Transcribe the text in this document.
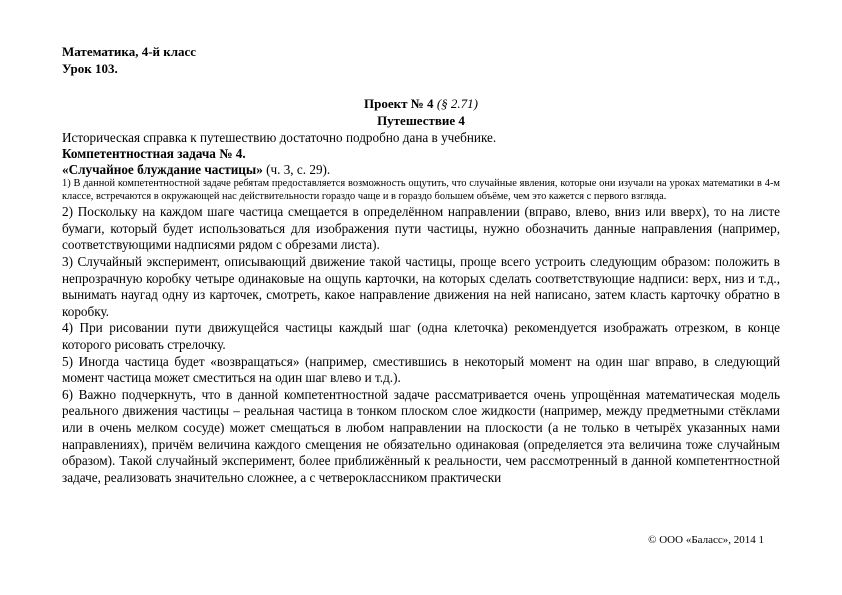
Математика, 4-й класс
Урок 103.
Проект № 4 (§ 2.71)
Путешествие 4

Историческая справка к путешествию достаточно подробно дана в учебнике.

Компетентностная задача № 4.

«Случайное блуждание частицы» (ч. 3, с. 29).

1) В данной компетентностной задаче ребятам предоставляется возможность ощутить, что случайные явления, которые они изучали на уроках математики в 4-м классе, встречаются в окружающей нас действительности гораздо чаще и в гораздо большем объёме, чем это кажется с первого взгляда.

2) Поскольку на каждом шаге частица смещается в определённом направлении (вправо, влево, вниз или вверх), то на листе бумаги, который будет использоваться для изображения пути частицы, нужно обозначить данные направления (например, соответствующими надписями рядом с обрезами листа).

3) Случайный эксперимент, описывающий движение такой частицы, проще всего устроить следующим образом: положить в непрозрачную коробку четыре одинаковые на ощупь карточки, на которых сделать соответствующие надписи: верх, низ и т.д., вынимать наугад одну из карточек, смотреть, какое направление движения на ней написано, затем класть карточку обратно в коробку.

4) При рисовании пути движущейся частицы каждый шаг (одна клеточка) рекомендуется изображать отрезком, в конце которого рисовать стрелочку.

5) Иногда частица будет «возвращаться» (например, сместившись в некоторый момент на один шаг вправо, в следующий момент частица может сместиться на один шаг влево и т.д.).

6) Важно подчеркнуть, что в данной компетентностной задаче рассматривается очень упрощённая математическая модель реального движения частицы – реальная частица в тонком плоском слое жидкости (например, между предметными стёклами или в очень мелком сосуде) может смещаться в любом направлении на плоскости (а не только в четырёх указанных нами направлениях), причём величина каждого смещения не обязательно одинаковая (определяется эта величина тоже случайным образом). Такой случайный эксперимент, более приближённый к реальности, чем рассмотренный в данной компетентностной задаче, реализовать значительно сложнее, а с четвероклассником практически

© ООО «Баласс», 2014 1
